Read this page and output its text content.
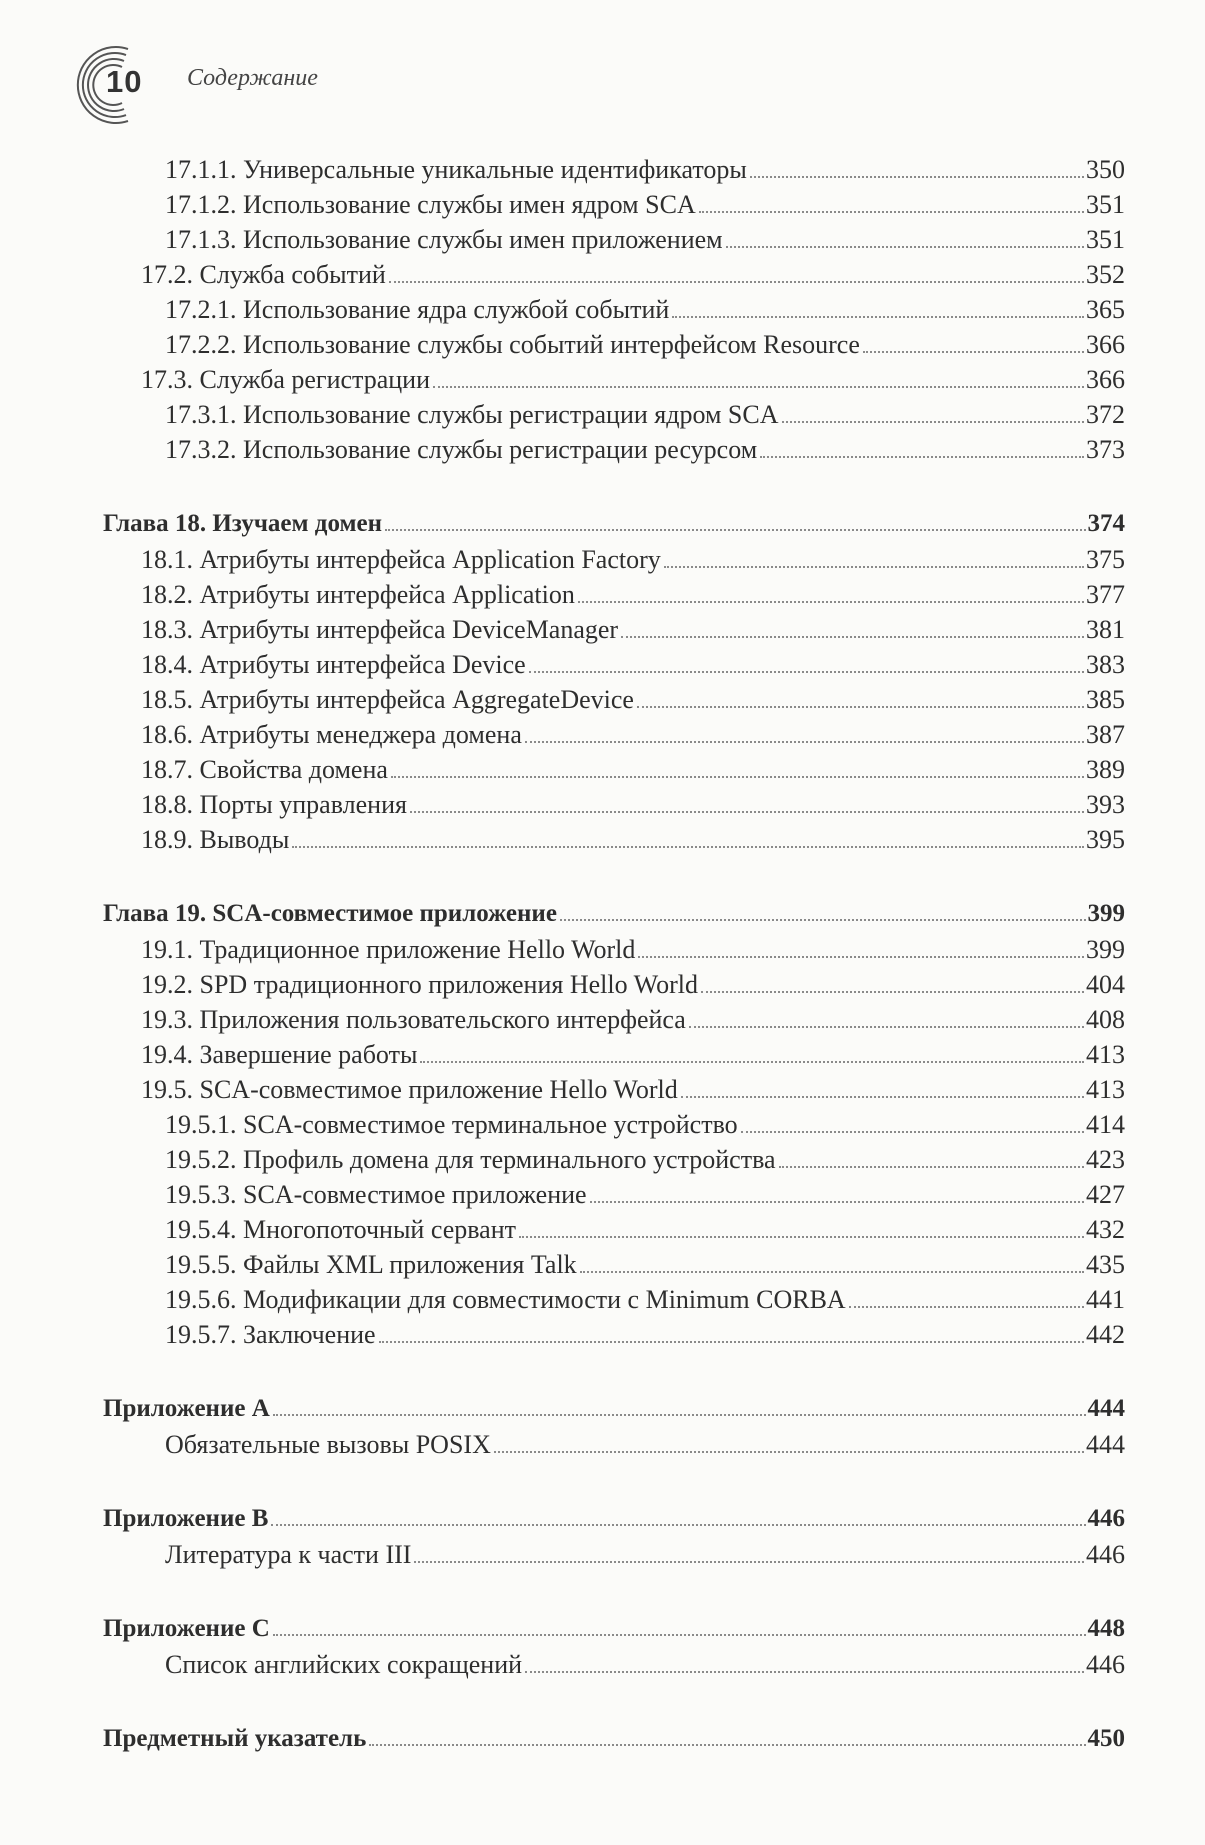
10 Содержание
17.1.1. Универсальные уникальные идентификаторы	350
17.1.2. Использование службы имен ядром SCA	351
17.1.3. Использование службы имен приложением	351
17.2. Служба событий	352
17.2.1. Использование ядра службой событий	365
17.2.2. Использование службы событий интерфейсом Resource	366
17.3. Служба регистрации	366
17.3.1. Использование службы регистрации ядром SCA	372
17.3.2. Использование службы регистрации ресурсом	373
Глава 18. Изучаем домен	374
18.1. Атрибуты интерфейса Application Factory	375
18.2. Атрибуты интерфейса Application	377
18.3. Атрибуты интерфейса DeviceManager	381
18.4. Атрибуты интерфейса Device	383
18.5. Атрибуты интерфейса AggregateDevice	385
18.6. Атрибуты менеджера домена	387
18.7. Свойства домена	389
18.8. Порты управления	393
18.9. Выводы	395
Глава 19. SCA-совместимое приложение	399
19.1. Традиционное приложение Hello World	399
19.2. SPD традиционного приложения Hello World	404
19.3. Приложения пользовательского интерфейса	408
19.4. Завершение работы	413
19.5. SCA-совместимое приложение Hello World	413
19.5.1. SCA-совместимое терминальное устройство	414
19.5.2. Профиль домена для терминального устройства	423
19.5.3. SCA-совместимое приложение	427
19.5.4. Многопоточный сервант	432
19.5.5. Файлы XML приложения Talk	435
19.5.6. Модификации для совместимости с Minimum CORBA	441
19.5.7. Заключение	442
Приложение A	444
Обязательные вызовы POSIX	444
Приложение B	446
Литература к части III	446
Приложение C	448
Список английских сокращений	446
Предметный указатель	450
